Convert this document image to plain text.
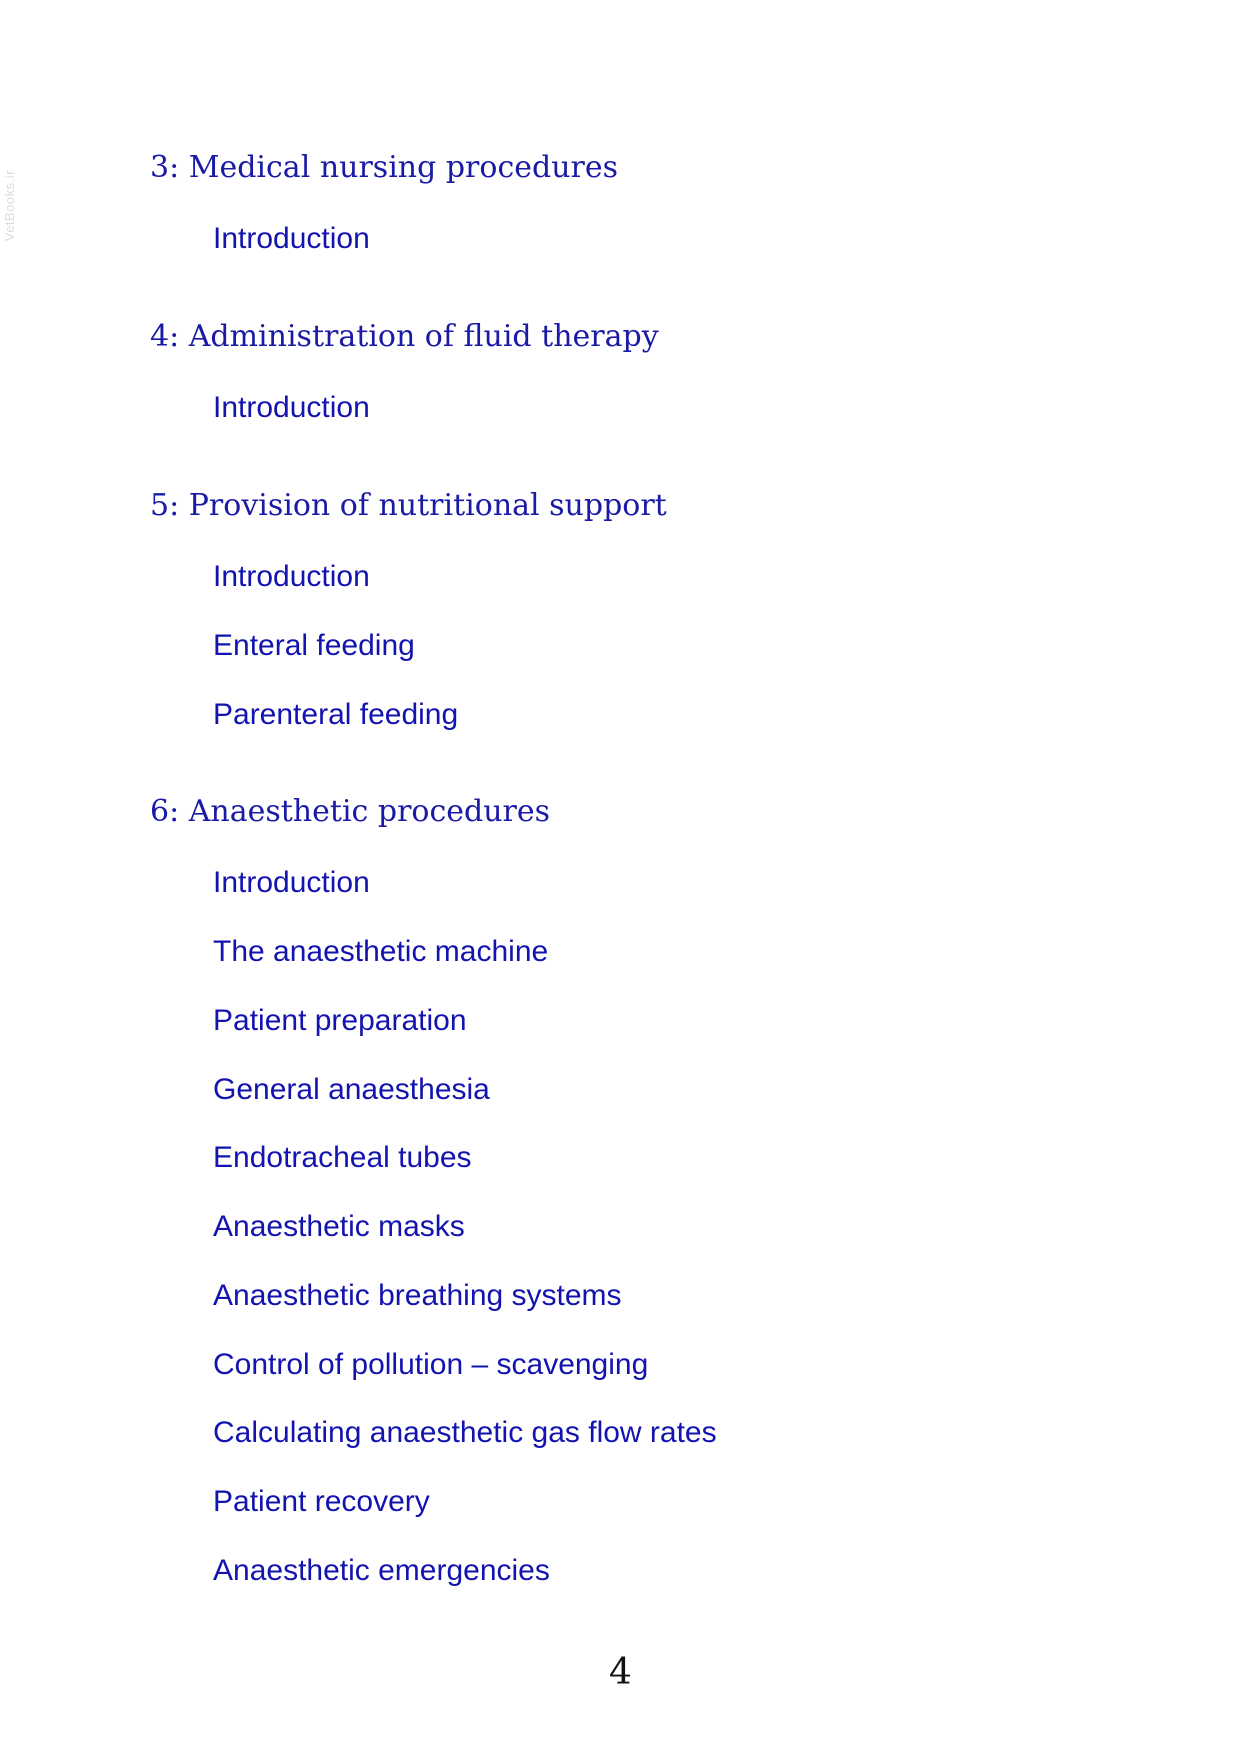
VetBooks.ir
3: Medical nursing procedures
Introduction
4: Administration of fluid therapy
Introduction
5: Provision of nutritional support
Introduction
Enteral feeding
Parenteral feeding
6: Anaesthetic procedures
Introduction
The anaesthetic machine
Patient preparation
General anaesthesia
Endotracheal tubes
Anaesthetic masks
Anaesthetic breathing systems
Control of pollution – scavenging
Calculating anaesthetic gas flow rates
Patient recovery
Anaesthetic emergencies
4
